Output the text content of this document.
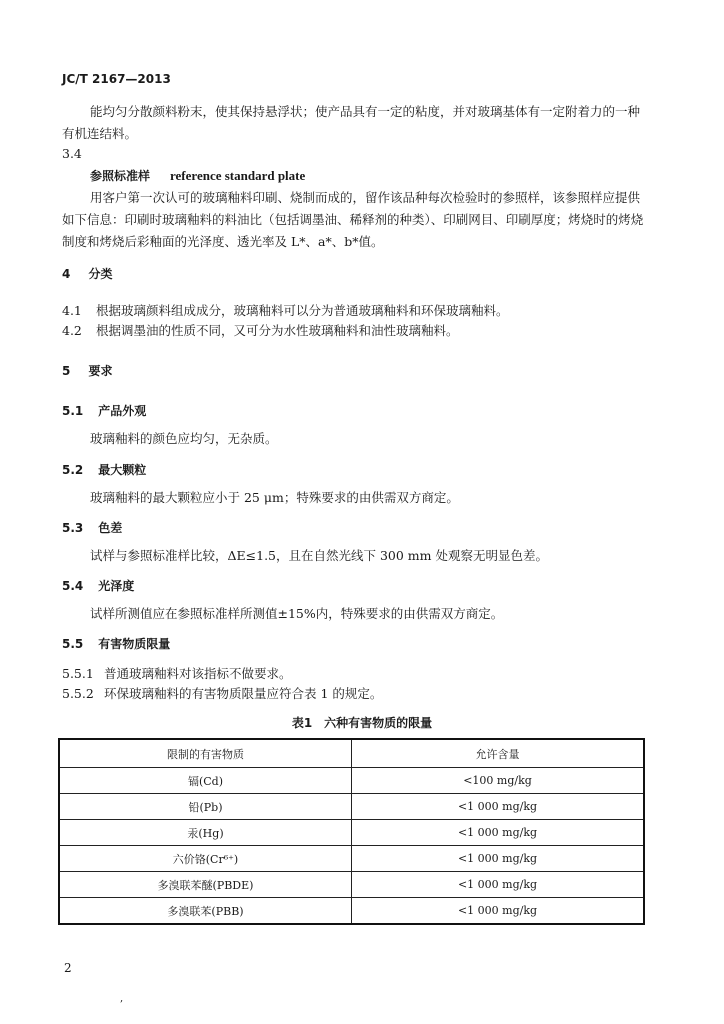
JC/T 2167—2013
能均匀分散颜料粉末，使其保持悬浮状；使产品具有一定的粘度，并对玻璃基体有一定附着力的一种有机连结料。
3.4
参照标准样 reference standard plate
用客户第一次认可的玻璃釉料印刷、烧制而成的，留作该品种每次检验时的参照样，该参照样应提供如下信息：印刷时玻璃釉料的料油比（包括调墨油、稀释剂的种类）、印刷网目、印刷厚度；烤烧时的烤烧制度和烤烧后彩釉面的光泽度、透光率及 L*、a*、b*值。
4 分类
4.1 根据玻璃颜料组成成分，玻璃釉料可以分为普通玻璃釉料和环保玻璃釉料。
4.2 根据调墨油的性质不同，又可分为水性玻璃釉料和油性玻璃釉料。
5 要求
5.1 产品外观
玻璃釉料的颜色应均匀，无杂质。
5.2 最大颗粒
玻璃釉料的最大颗粒应小于 25 μm；特殊要求的由供需双方商定。
5.3 色差
试样与参照标准样比较，ΔE≤1.5，且在自然光线下 300 mm 处观察无明显色差。
5.4 光泽度
试样所测值应在参照标准样所测值±15%内，特殊要求的由供需双方商定。
5.5 有害物质限量
5.5.1 普通玻璃釉料对该指标不做要求。
5.5.2 环保玻璃釉料的有害物质限量应符合表 1 的规定。
表1　六种有害物质的限量
限制的有害物质	允许含量
镉(Cd)	<100 mg/kg
铅(Pb)	<1 000 mg/kg
汞(Hg)	<1 000 mg/kg
六价铬(Cr⁶⁺)	<1 000 mg/kg
多溴联苯醚(PBDE)	<1 000 mg/kg
多溴联苯(PBB)	<1 000 mg/kg
2
,
